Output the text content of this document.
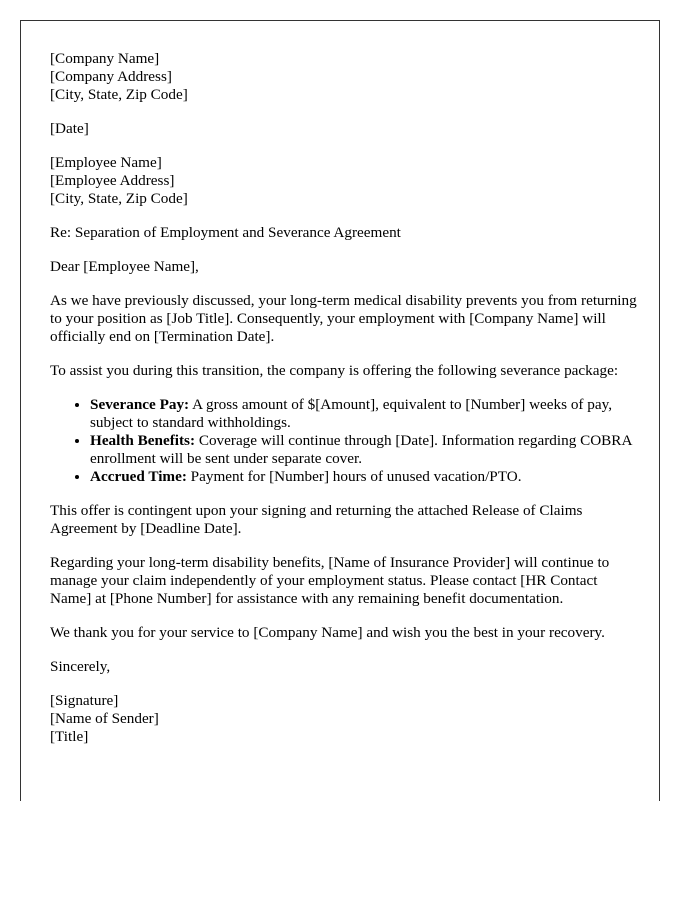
[Company Name]
[Company Address]
[City, State, Zip Code]

[Date]

[Employee Name]
[Employee Address]
[City, State, Zip Code]

Re: Separation of Employment and Severance Agreement

Dear [Employee Name],

As we have previously discussed, your long-term medical disability prevents you from returning to your position as [Job Title]. Consequently, your employment with [Company Name] will officially end on [Termination Date].

To assist you during this transition, the company is offering the following severance package:

• Severance Pay: A gross amount of $[Amount], equivalent to [Number] weeks of pay, subject to standard withholdings.
• Health Benefits: Coverage will continue through [Date]. Information regarding COBRA enrollment will be sent under separate cover.
• Accrued Time: Payment for [Number] hours of unused vacation/PTO.

This offer is contingent upon your signing and returning the attached Release of Claims Agreement by [Deadline Date].

Regarding your long-term disability benefits, [Name of Insurance Provider] will continue to manage your claim independently of your employment status. Please contact [HR Contact Name] at [Phone Number] for assistance with any remaining benefit documentation.

We thank you for your service to [Company Name] and wish you the best in your recovery.

Sincerely,

[Signature]
[Name of Sender]
[Title]
